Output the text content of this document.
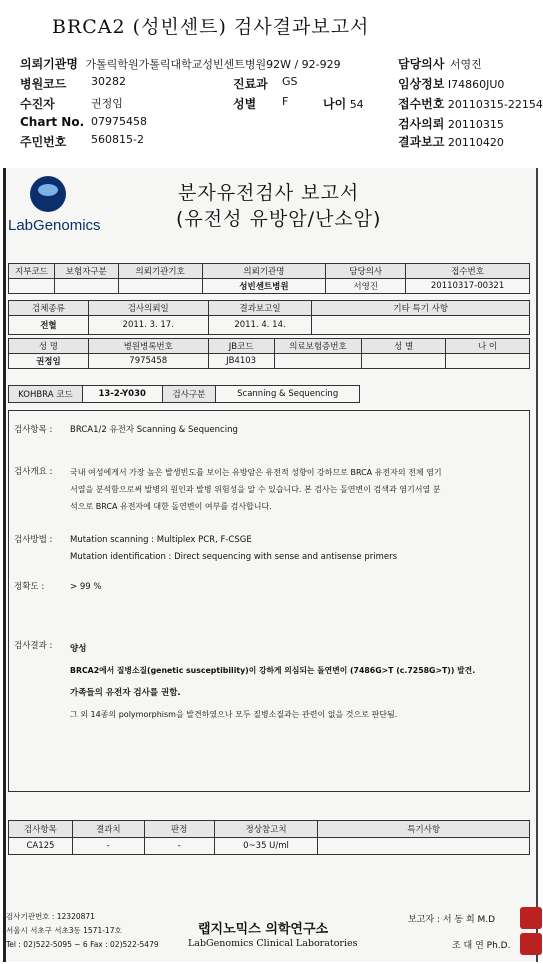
BRCA2 (성빈센트) 검사결과보고서
의뢰기관명 가톨릭학원가톨릭대학교성빈센트병원92W / 92-929	담당의사 서영진
병원코드 30282	진료과 GS	임상정보 I74860JU0
수진자	권정임	성별 F	나이 54	접수번호 20110315-22154
Chart No. 07975458	검사의뢰 20110315
주민번호 560815-2	결과보고 20110420
LabGenomics
분자유전검사 보고서
(유전성 유방암/난소암)
지부코드	보험자구분	의뢰기관기호	의뢰기관명	담당의사	접수번호
			성빈센트병원	서영진	20110317-00321
검체종류	검사의뢰일	결과보고일	기타 특기 사항
전혈	2011. 3. 17.	2011. 4. 14.	
성 명	병원병록번호	JB코드	의료보험증번호	성 별	나 이
권정임	7975458	JB4103			
KOHBRA 코드	13-2-Y030	검사구분	Scanning & Sequencing
검사항목 : BRCA1/2 유전자 Scanning & Sequencing
검사개요 : 국내 여성에게서 가장 높은 발생빈도를 보이는 유방암은 유전적 성향이 강하므로 BRCA 유전자의 전체 염기
서열을 분석함으로써 발병의 원인과 발병 위험성을 알 수 있습니다. 본 검사는 돌연변이 검색과 염기서열 분
석으로 BRCA 유전자에 대한 돌연변이 여부를 검사합니다.
검사방법 : Mutation scanning : Multiplex PCR, F-CSGE
Mutation identification : Direct sequencing with sense and antisense primers
정확도 :	> 99 %
검사결과 : 양성
BRCA2에서 질병소질(genetic susceptibility)이 강하게 의심되는 돌연변이 (7486G>T (c.7258G>T)) 발견.
가족들의 유전자 검사를 권함.
그 외 14종의 polymorphism을 발견하였으나 모두 질병소질과는 관련이 없을 것으로 판단됨.
검사항목	결과치	판정	정상참고치	특기사항
CA125	-	-	0~35 U/ml	
검사기관번호 : 12320871
서울시 서초구 서초3동 1571-17호
Tel : 02)522-5095 ~ 6 Fax : 02)522-5479
랩지노믹스 의학연구소
LabGenomics Clinical Laboratories
보고자 : 서 동 희 M.D
조 대 연 Ph.D.
